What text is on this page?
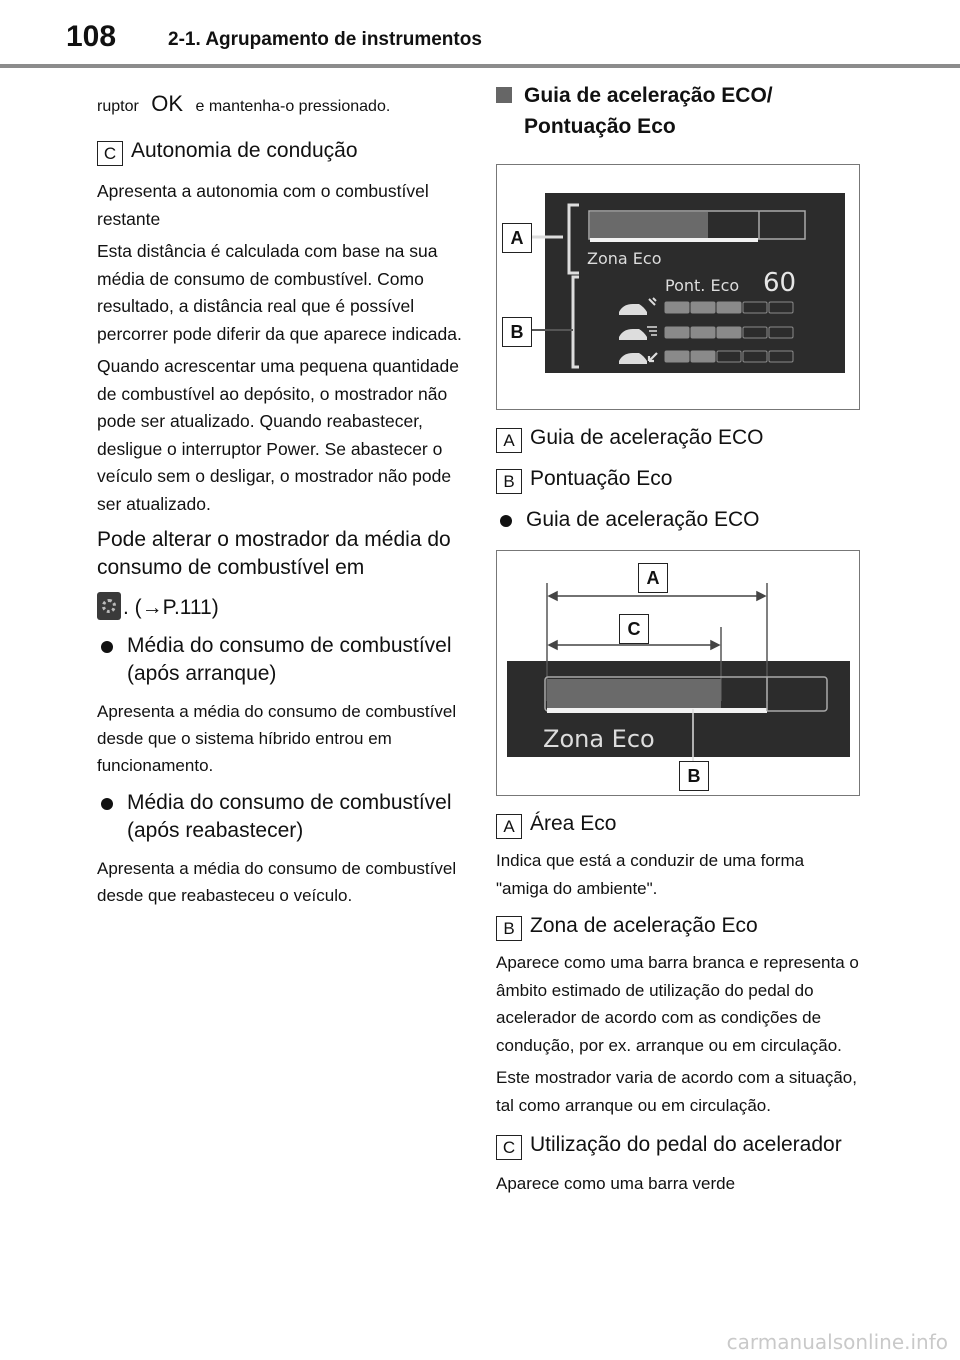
108	2-1. Agrupamento de instrumentos
ruptor OK e mantenha-o pressionado.
C Autonomia de condução
Apresenta a autonomia com o combustível restante
Esta distância é calculada com base na sua média de consumo de combustível. Como resultado, a distância real que é possível percorrer pode diferir da que aparece indicada.
Quando acrescentar uma pequena quantidade de combustível ao depósito, o mostrador não pode ser atualizado. Quando reabastecer, desligue o interruptor Power. Se abastecer o veículo sem o desligar, o mostrador não pode ser atualizado.
Pode alterar o mostrador da média do consumo de combustível em
. (→P.111)
Média do consumo de combustível (após arranque)
Apresenta a média do consumo de combustível desde que o sistema híbrido entrou em funcionamento.
Média do consumo de combustível (após reabastecer)
Apresenta a média do consumo de combustível desde que reabasteceu o veículo.
Guia de aceleração ECO/ Pontuação Eco
Zona Eco
Pont. Eco 60
A
B
A Guia de aceleração ECO
B Pontuação Eco
Guia de aceleração ECO
Zona Eco
A
C
B
A Área Eco
Indica que está a conduzir de uma forma "amiga do ambiente".
B Zona de aceleração Eco
Aparece como uma barra branca e representa o âmbito estimado de utilização do pedal do acelerador de acordo com as condições de condução, por ex. arranque ou em circulação.
Este mostrador varia de acordo com a situação, tal como arranque ou em circulação.
C Utilização do pedal do acelerador
Aparece como uma barra verde
carmanualsonline.info
